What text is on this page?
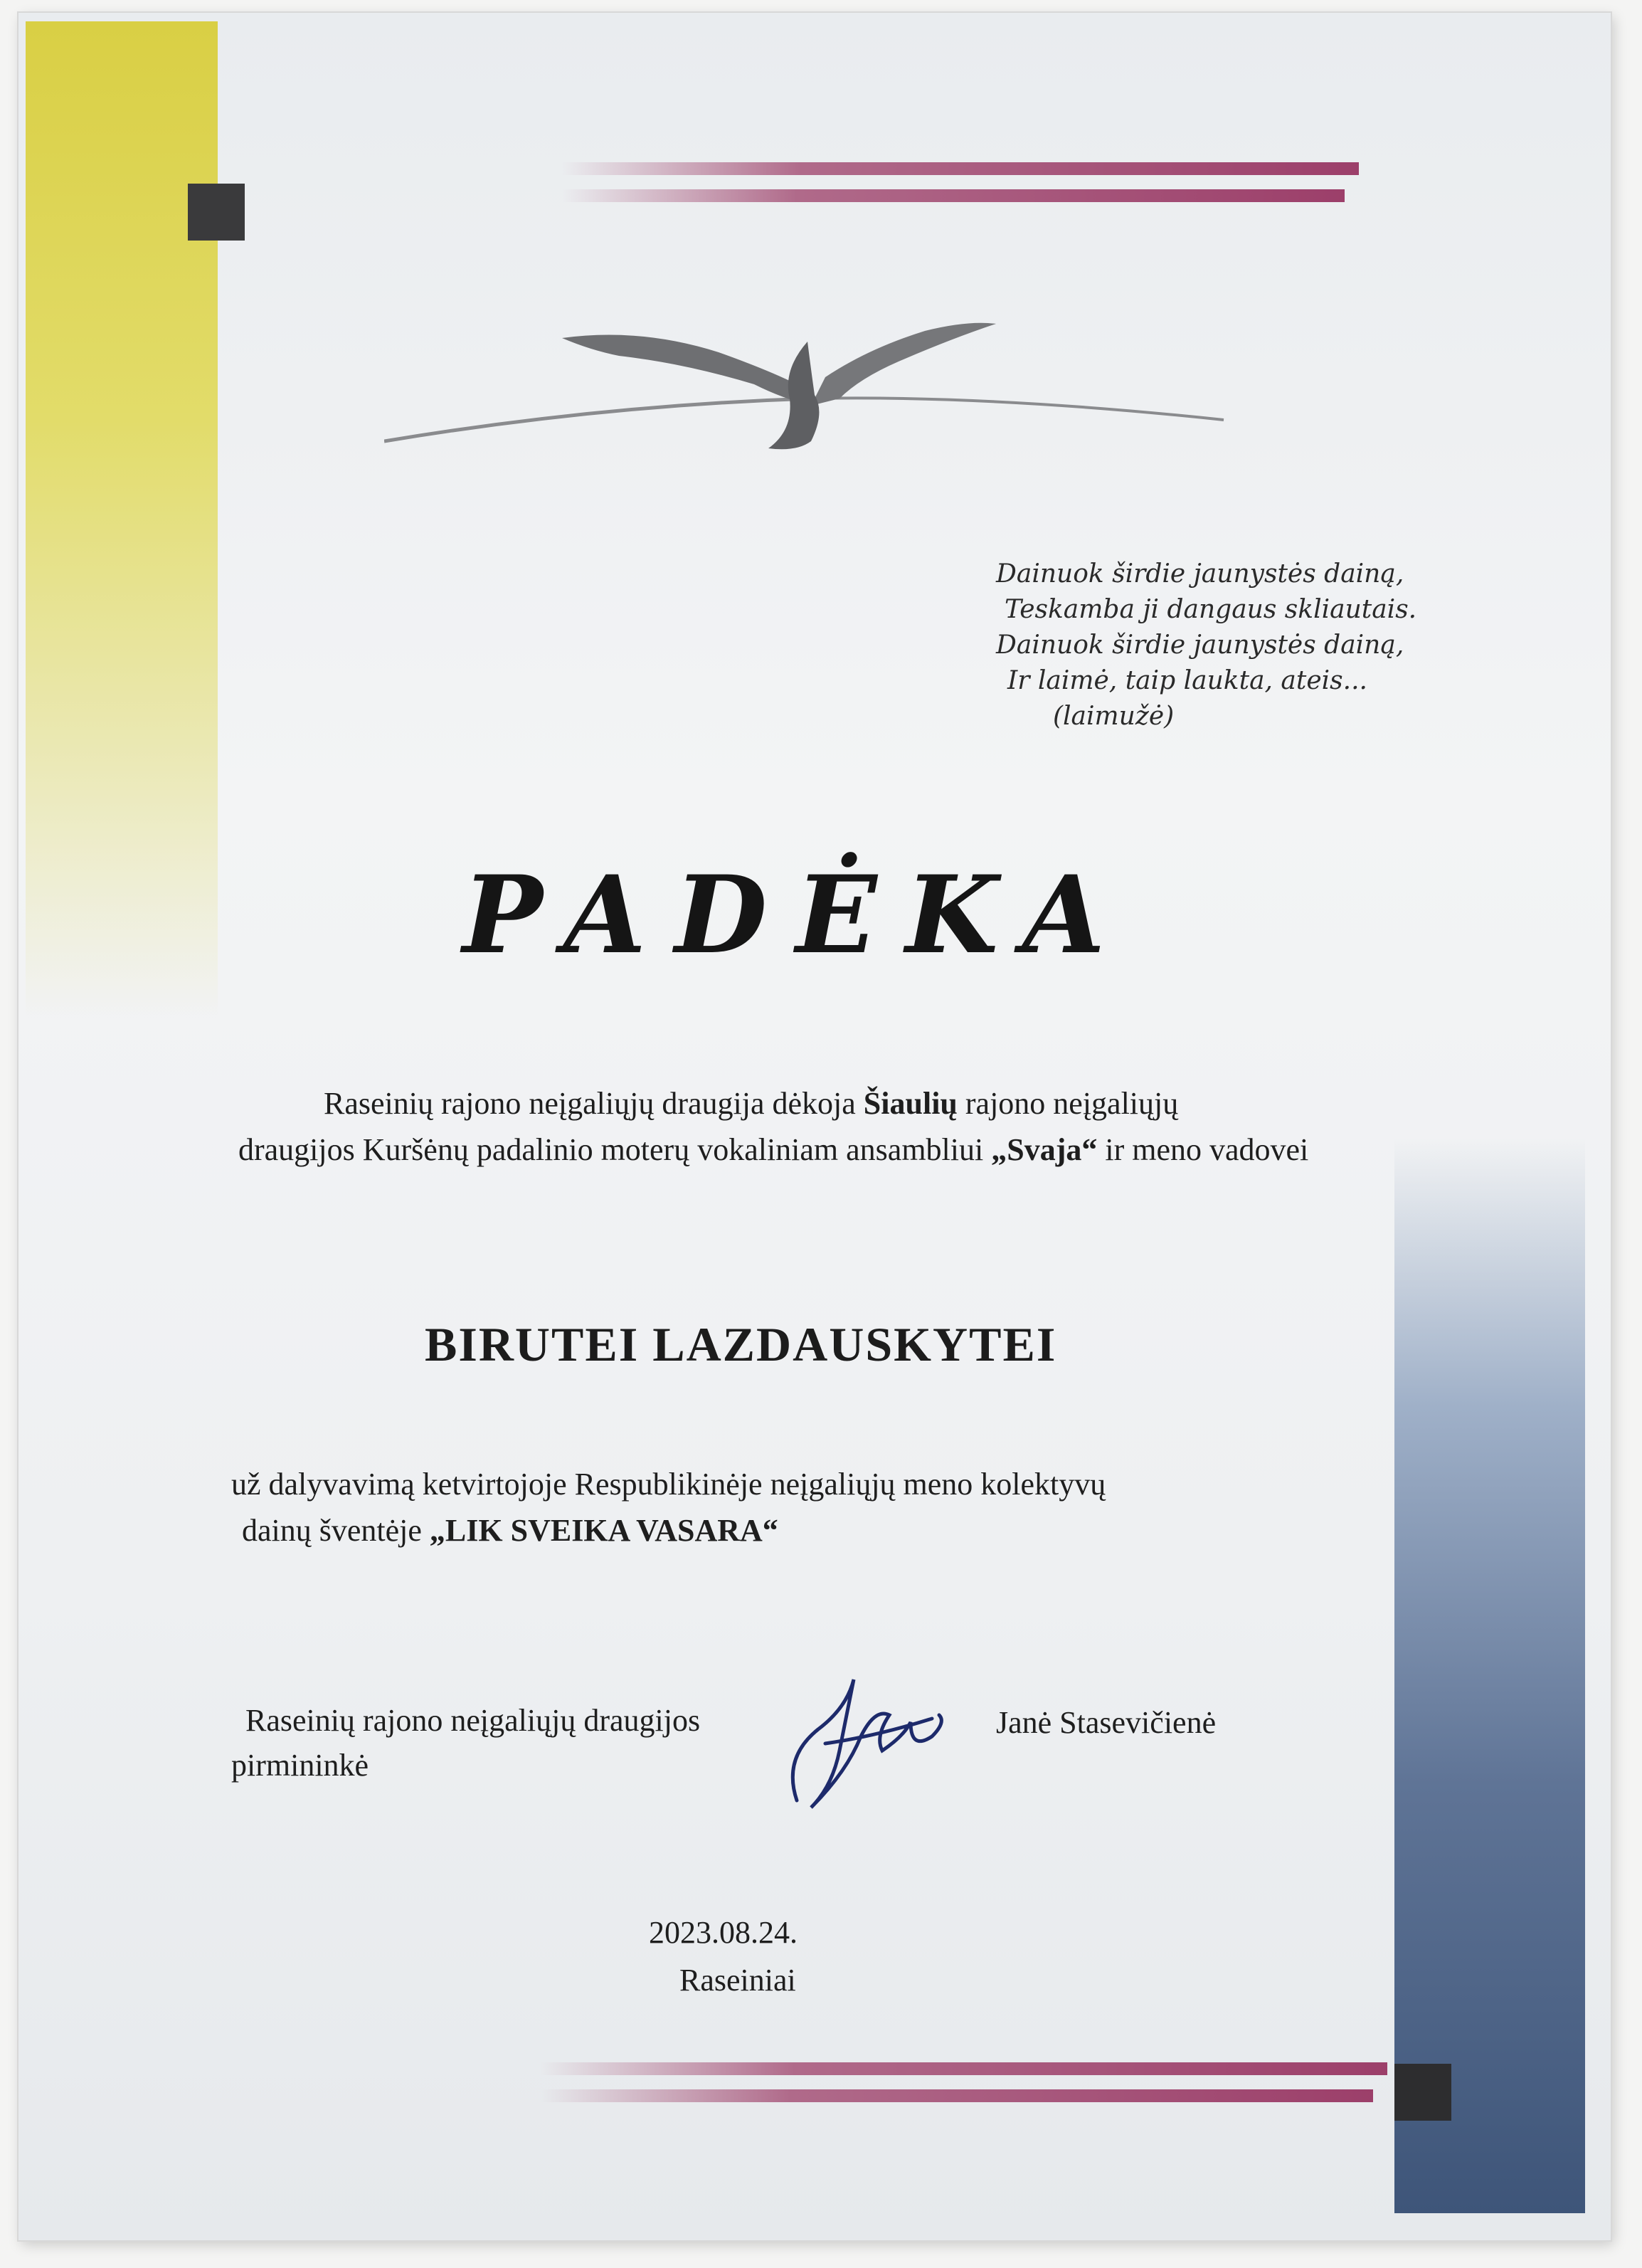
Dainuok širdie jaunystės dainą,
Teskamba ji dangaus skliautais.
Dainuok širdie jaunystės dainą,
Ir laimė, taip laukta, ateis...
(laimužė)
PADĖKA
Raseinių rajono neįgaliųjų draugija dėkoja Šiaulių rajono neįgaliųjų
draugijos Kuršėnų padalinio moterų vokaliniam ansambliui „Svaja“ ir meno vadovei
BIRUTEI LAZDAUSKYTEI
už dalyvavimą ketvirtojoje Respublikinėje neįgaliųjų meno kolektyvų
dainų šventėje „LIK SVEIKA VASARA“
Raseinių rajono neįgaliųjų draugijos
pirmininkė
Janė Stasevičienė
2023.08.24.
Raseiniai
